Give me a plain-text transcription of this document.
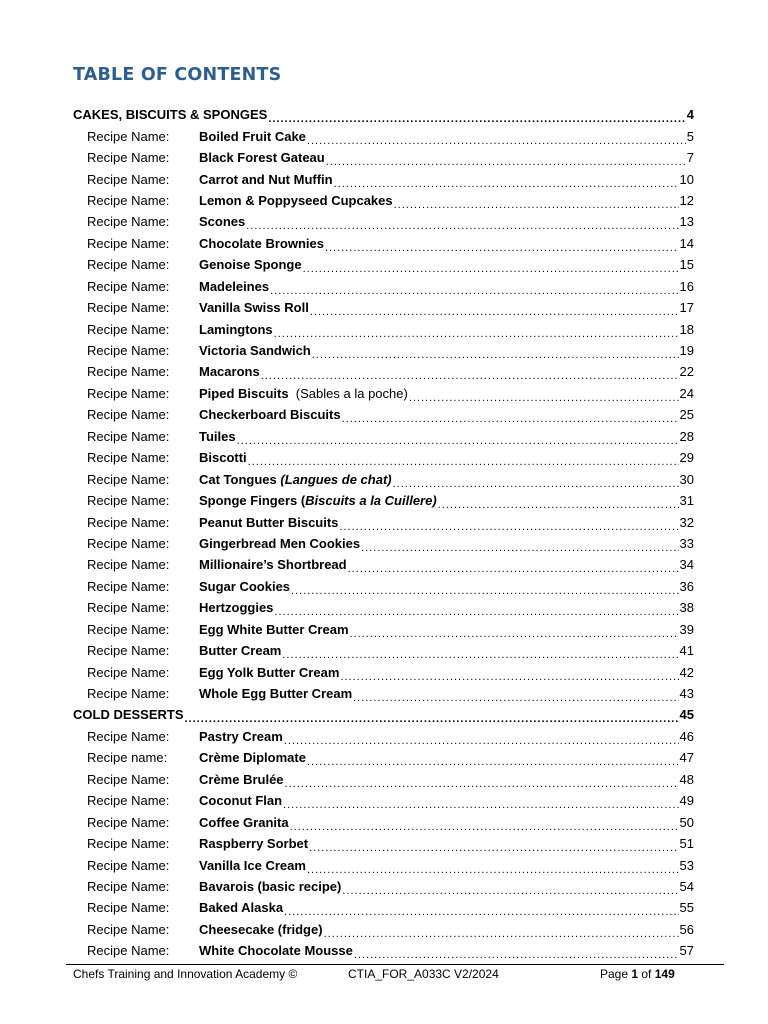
TABLE OF CONTENTS
CAKES, BISCUITS & SPONGES .....	4
Recipe Name:	Boiled Fruit Cake .....	5
Recipe Name:	Black Forest Gateau .....	7
Recipe Name:	Carrot and Nut Muffin .....	10
Recipe Name:	Lemon & Poppyseed Cupcakes .....	12
Recipe Name:	Scones .....	13
Recipe Name:	Chocolate Brownies .....	14
Recipe Name:	Genoise Sponge .....	15
Recipe Name:	Madeleines .....	16
Recipe Name:	Vanilla Swiss Roll .....	17
Recipe Name:	Lamingtons .....	18
Recipe Name:	Victoria Sandwich .....	19
Recipe Name:	Macarons .....	22
Recipe Name:	Piped Biscuits  (Sables a la poche) .....	24
Recipe Name:	Checkerboard Biscuits .....	25
Recipe Name:	Tuiles .....	28
Recipe Name:	Biscotti .....	29
Recipe Name:	Cat Tongues (Langues de chat) .....	30
Recipe Name:	Sponge Fingers (Biscuits a la Cuillere) .....	31
Recipe Name:	Peanut Butter Biscuits .....	32
Recipe Name:	Gingerbread Men Cookies .....	33
Recipe Name:	Millionaire’s Shortbread .....	34
Recipe Name:	Sugar Cookies .....	36
Recipe Name:	Hertzoggies .....	38
Recipe Name:	Egg White Butter Cream .....	39
Recipe Name:	Butter Cream .....	41
Recipe Name:	Egg Yolk Butter Cream .....	42
Recipe Name:	Whole Egg Butter Cream .....	43
COLD DESSERTS .....	45
Recipe Name:	Pastry Cream .....	46
Recipe name:	Crème Diplomate .....	47
Recipe Name:	Crème Brulée .....	48
Recipe Name:	Coconut Flan .....	49
Recipe Name:	Coffee Granita .....	50
Recipe Name:	Raspberry Sorbet .....	51
Recipe Name:	Vanilla Ice Cream .....	53
Recipe Name:	Bavarois (basic recipe) .....	54
Recipe Name:	Baked Alaska .....	55
Recipe Name:	Cheesecake (fridge) .....	56
Recipe Name:	White Chocolate Mousse .....	57
Chefs Training and Innovation Academy ©	CTIA_FOR_A033C V2/2024	Page 1 of 149
